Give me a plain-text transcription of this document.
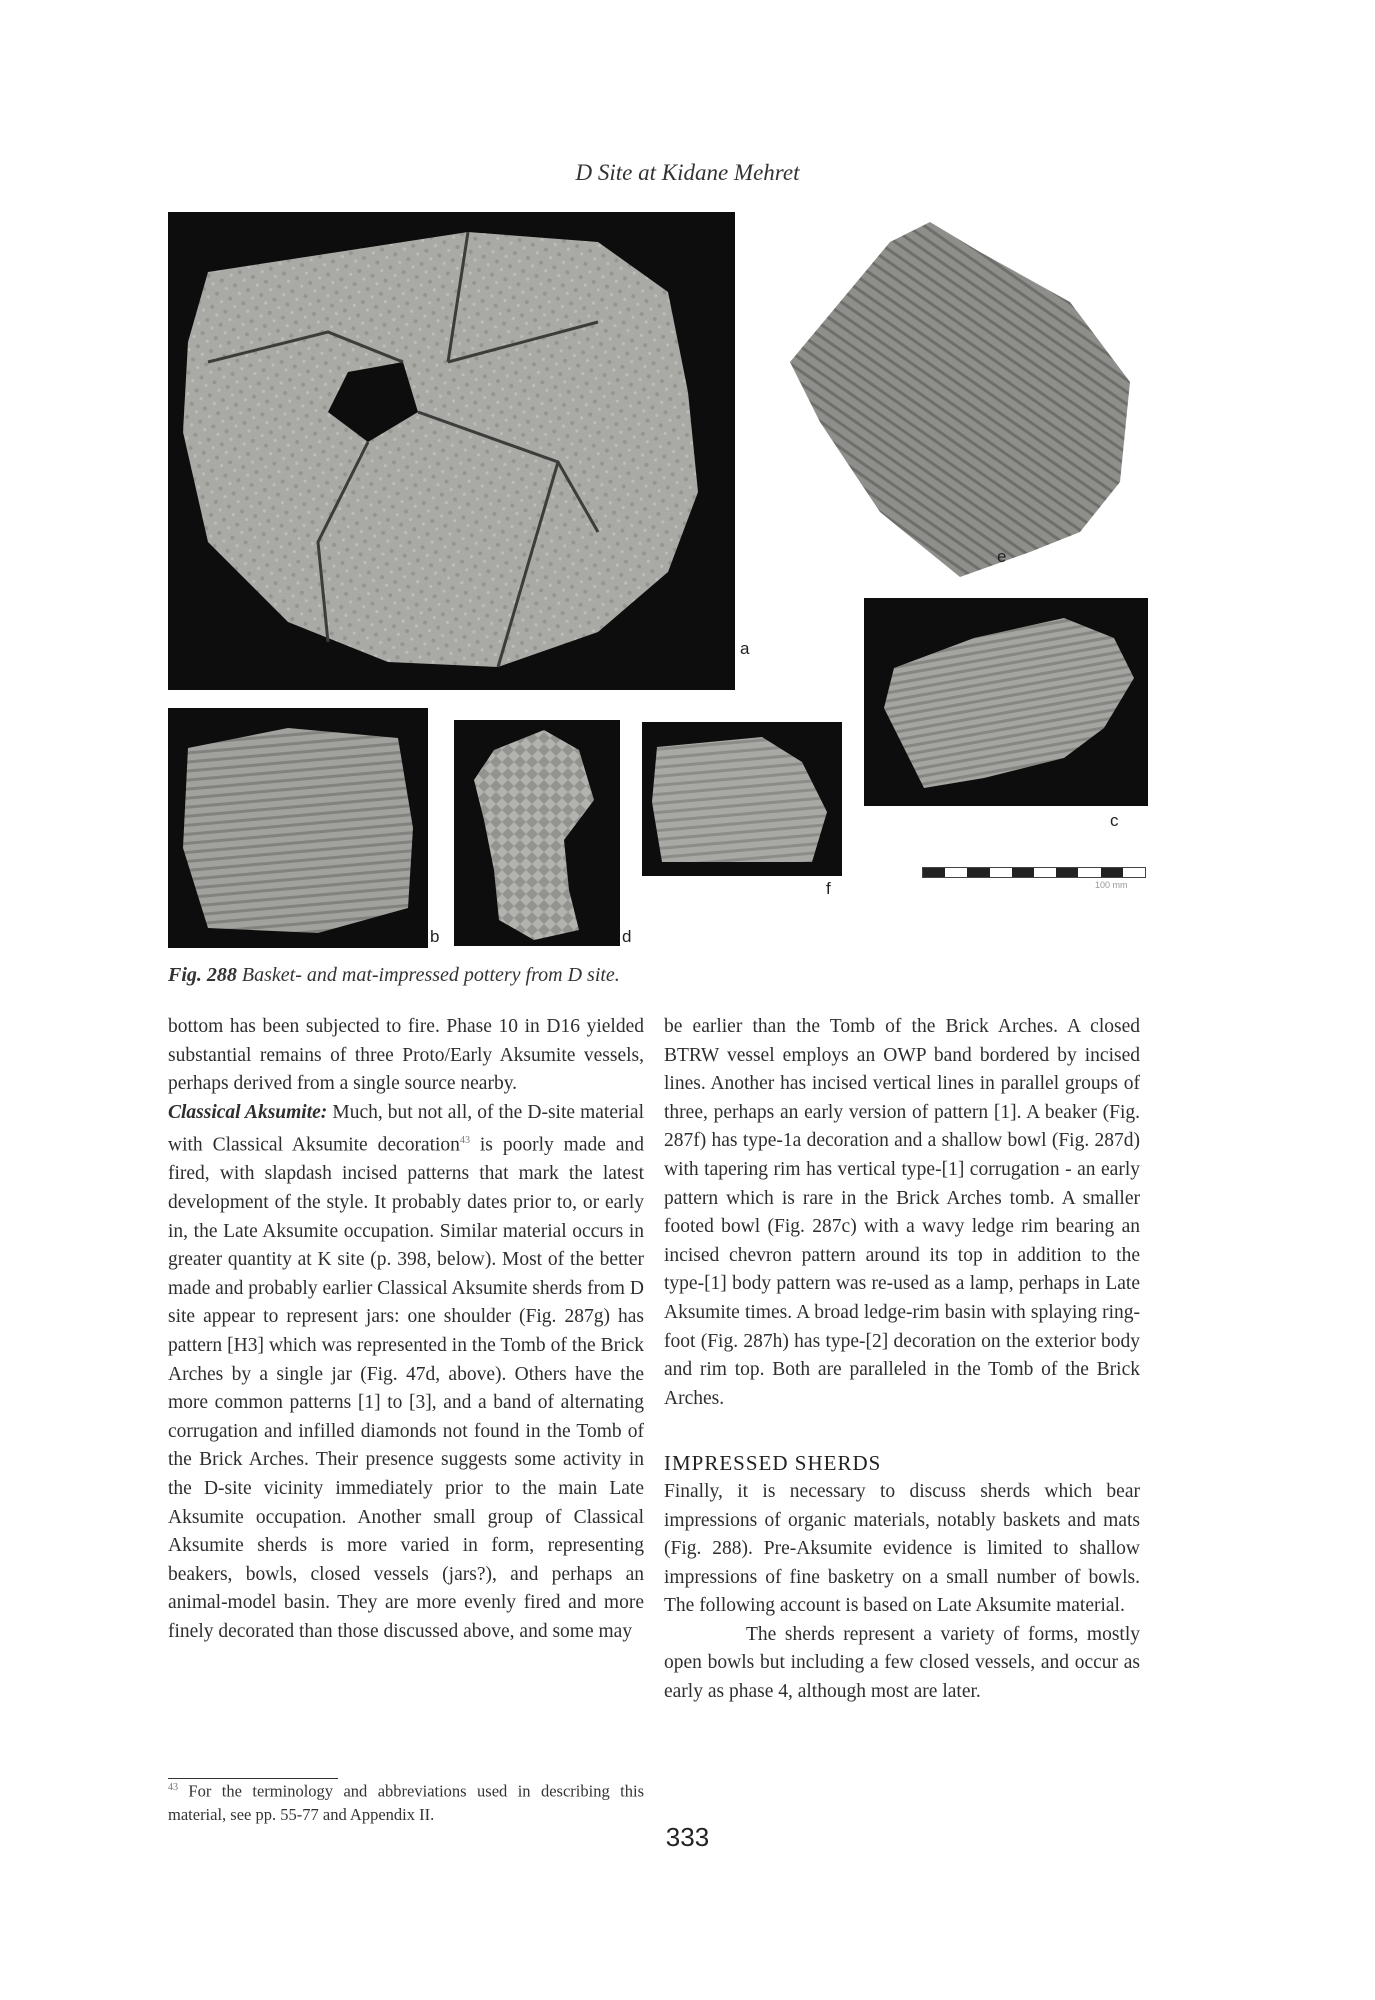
D Site at Kidane Mehret
a
e
c
b	d
f	100 mm
Fig. 288 Basket- and mat-impressed pottery from D site.

bottom has been subjected to fire. Phase 10 in D16 yielded substantial remains of three Proto/Early Aksumite vessels, perhaps derived from a single source nearby.

Classical Aksumite: Much, but not all, of the D-site material with Classical Aksumite decoration$^{43}$ is poorly made and fired, with slapdash incised patterns that mark the latest development of the style. It probably dates prior to, or early in, the Late Aksumite occupation. Similar material occurs in greater quantity at K site (p. 398, below). Most of the better made and probably earlier Classical Aksumite sherds from D site appear to represent jars: one shoulder (Fig. 287g) has pattern [H3] which was represented in the Tomb of the Brick Arches by a single jar (Fig. 47d, above). Others have the more common patterns [1] to [3], and a band of alternating corrugation and infilled diamonds not found in the Tomb of the Brick Arches. Their presence suggests some activity in the D-site vicinity immediately prior to the main Late Aksumite occupation. Another small group of Classical Aksumite sherds is more varied in form, representing beakers, bowls, closed vessels (jars?), and perhaps an animal-model basin. They are more evenly fired and more finely decorated than those discussed above, and some may

$^{43}$ For the terminology and abbreviations used in describing this material, see pp. 55-77 and Appendix II.

be earlier than the Tomb of the Brick Arches. A closed BTRW vessel employs an OWP band bordered by incised lines. Another has incised vertical lines in parallel groups of three, perhaps an early version of pattern [1]. A beaker (Fig. 287f) has type-1a decoration and a shallow bowl (Fig. 287d) with tapering rim has vertical type-[1] corrugation - an early pattern which is rare in the Brick Arches tomb. A smaller footed bowl (Fig. 287c) with a wavy ledge rim bearing an incised chevron pattern around its top in addition to the type-[1] body pattern was re-used as a lamp, perhaps in Late Aksumite times. A broad ledge-rim basin with splaying ring-foot (Fig. 287h) has type-[2] decoration on the exterior body and rim top. Both are paralleled in the Tomb of the Brick Arches.

IMPRESSED SHERDS

Finally, it is necessary to discuss sherds which bear impressions of organic materials, notably baskets and mats (Fig. 288). Pre-Aksumite evidence is limited to shallow impressions of fine basketry on a small number of bowls. The following account is based on Late Aksumite material.

The sherds represent a variety of forms, mostly open bowls but including a few closed vessels, and occur as early as phase 4, although most are later.

333
